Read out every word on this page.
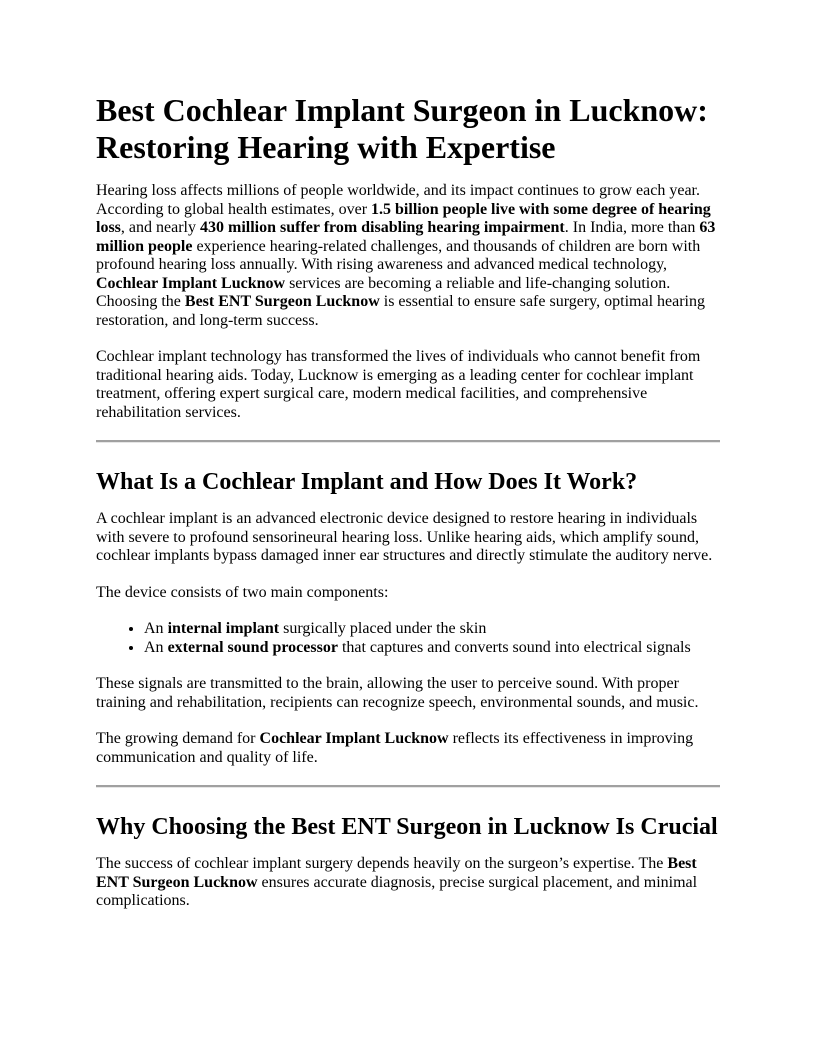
Best Cochlear Implant Surgeon in Lucknow: Restoring Hearing with Expertise

Hearing loss affects millions of people worldwide, and its impact continues to grow each year. According to global health estimates, over 1.5 billion people live with some degree of hearing loss, and nearly 430 million suffer from disabling hearing impairment. In India, more than 63 million people experience hearing-related challenges, and thousands of children are born with profound hearing loss annually. With rising awareness and advanced medical technology, Cochlear Implant Lucknow services are becoming a reliable and life-changing solution. Choosing the Best ENT Surgeon Lucknow is essential to ensure safe surgery, optimal hearing restoration, and long-term success.

Cochlear implant technology has transformed the lives of individuals who cannot benefit from traditional hearing aids. Today, Lucknow is emerging as a leading center for cochlear implant treatment, offering expert surgical care, modern medical facilities, and comprehensive rehabilitation services.

What Is a Cochlear Implant and How Does It Work?

A cochlear implant is an advanced electronic device designed to restore hearing in individuals with severe to profound sensorineural hearing loss. Unlike hearing aids, which amplify sound, cochlear implants bypass damaged inner ear structures and directly stimulate the auditory nerve.

The device consists of two main components:

• An internal implant surgically placed under the skin
• An external sound processor that captures and converts sound into electrical signals

These signals are transmitted to the brain, allowing the user to perceive sound. With proper training and rehabilitation, recipients can recognize speech, environmental sounds, and music.

The growing demand for Cochlear Implant Lucknow reflects its effectiveness in improving communication and quality of life.

Why Choosing the Best ENT Surgeon in Lucknow Is Crucial

The success of cochlear implant surgery depends heavily on the surgeon’s expertise. The Best ENT Surgeon Lucknow ensures accurate diagnosis, precise surgical placement, and minimal complications.
